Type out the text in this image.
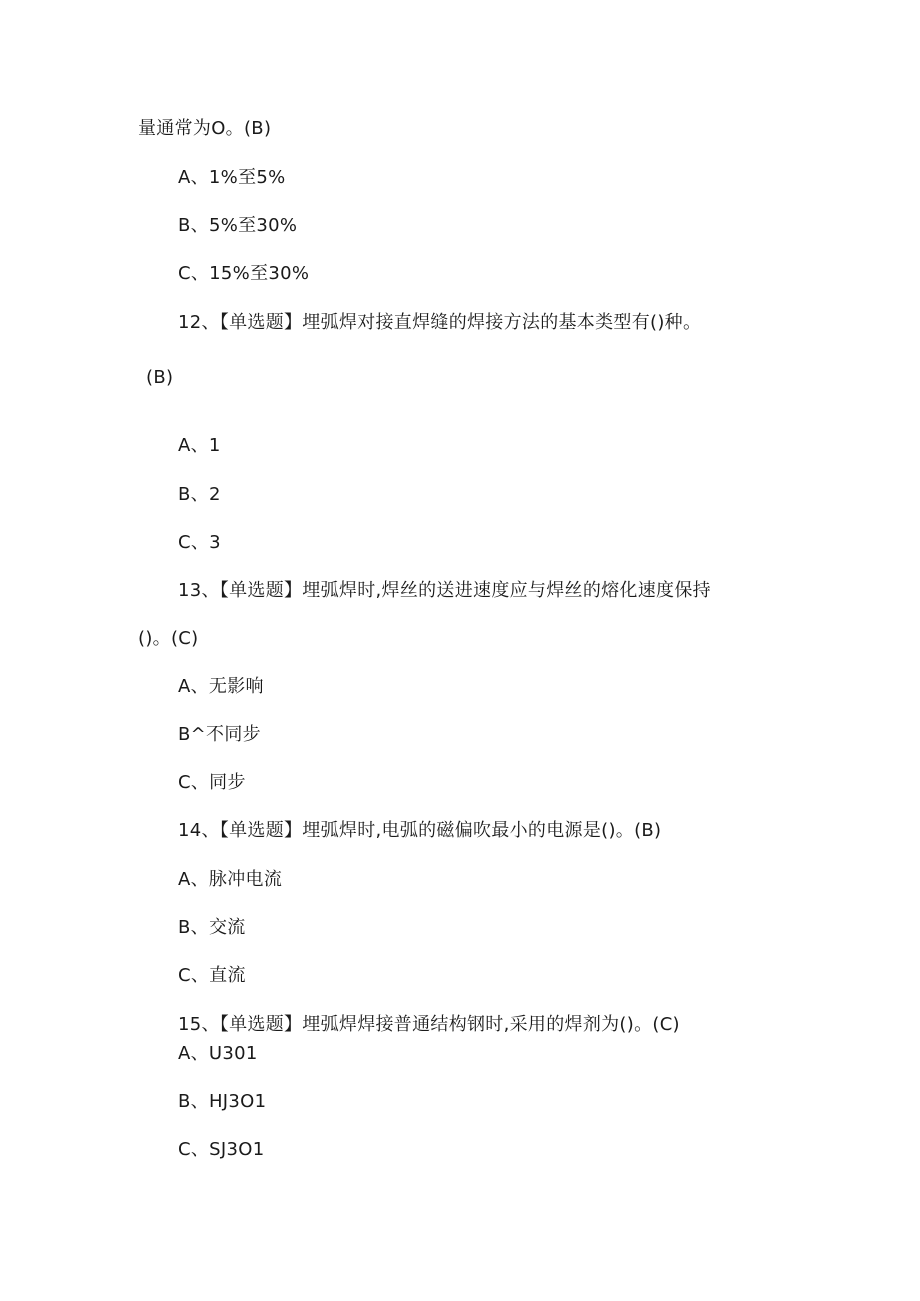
量通常为O。(B)
A、1%至5%
B、5%至30%
C、15%至30%
12、【单选题】埋弧焊对接直焊缝的焊接方法的基本类型有()种。
(B)
A、1
B、2
C、3
13、【单选题】埋弧焊时,焊丝的送进速度应与焊丝的熔化速度保持
()。(C)
A、无影响
B^不同步
C、同步
14、【单选题】埋弧焊时,电弧的磁偏吹最小的电源是()。(B)
A、脉冲电流
B、交流
C、直流
15、【单选题】埋弧焊焊接普通结构钢时,采用的焊剂为()。(C)
A、U301
B、HJ3O1
C、SJ3O1
